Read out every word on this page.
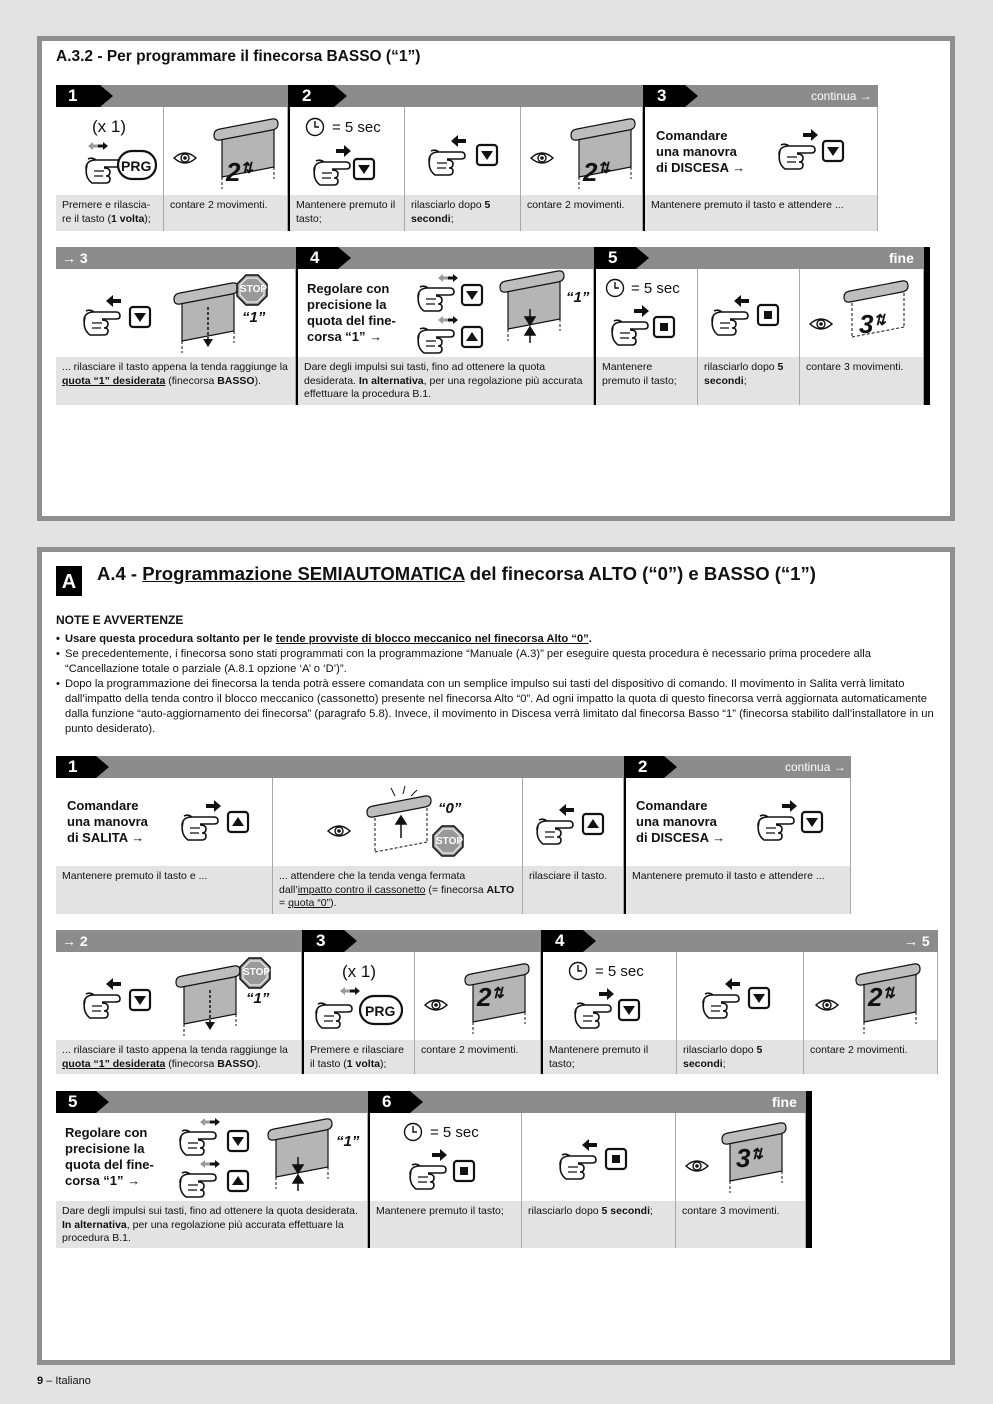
A.3.2 - Per programmare il finecorsa BASSO (“1”)
1	2	3	continua →
(x 1)
PRG	2⇅
= 5 sec
2⇅
Comandare
una manovra
di DISCESA →
Premere e rilascia-re il tasto (1 volta);
contare 2 movimenti.	Mantenere premuto il tasto;
rilasciarlo dopo 5 secondi;
contare 2 movimenti.	Mantenere premuto il tasto e attendere ...
→ 3	4	5	fine
STOP
“1”
Regolare con
precisione la
quota del fine-
corsa “1” →
“1”
= 5 sec
3⇅
... rilasciare il tasto appena la tenda raggiunge la quota “1” desiderata (finecorsa BASSO).
Dare degli impulsi sui tasti, fino ad ottenere la quota desiderata. In alternativa, per una regolazione più accurata effettuare la procedura B.1.
Mantenere premuto il tasto;
rilasciarlo dopo 5 secondi;
contare 3 movimenti.
A	A.4 - Programmazione SEMIAUTOMATICA del finecorsa ALTO (“0”) e BASSO (“1”)
NOTE E AVVERTENZE
• Usare questa procedura soltanto per le tende provviste di blocco meccanico nel finecorsa Alto “0”.
• Se precedentemente, i finecorsa sono stati programmati con la programmazione “Manuale (A.3)” per eseguire questa procedura è necessario prima procedere alla “Cancellazione totale o parziale (A.8.1 opzione ‘A’ o ‘D’)”.
• Dopo la programmazione dei finecorsa la tenda potrà essere comandata con un semplice impulso sui tasti del dispositivo di comando. Il movimento in Salita verrà limitato dall’impatto della tenda contro il blocco meccanico (cassonetto) presente nel finecorsa Alto “0”. Ad ogni impatto la quota di questo finecorsa verrà aggiornata automaticamente dalla funzione “auto-aggiornamento dei finecorsa” (paragrafo 5.8). Invece, il movimento in Discesa verrà limitato dal finecorsa Basso “1” (finecorsa stabilito dall’installatore in un punto desiderato).
1	2	continua →
Comandare
una manovra
di SALITA →
“0”
STOP
Comandare
una manovra
di DISCESA →
Mantenere premuto il tasto e ...	... attendere che la tenda venga fermata dall’impatto contro il cassonetto (= finecorsa ALTO = quota “0”).
rilasciare il tasto.	Mantenere premuto il tasto e attendere ...
→ 2	3	4	→ 5
STOP
“1”
(x 1)
PRG	2⇅
= 5 sec
2⇅
... rilasciare il tasto appena la tenda raggiunge la quota “1” desiderata (finecorsa BASSO).
Premere e rilasciare il tasto (1 volta);
contare 2 movimenti.	Mantenere premuto il tasto;
rilasciarlo dopo 5 secondi;
contare 2 movimenti.
5	6	fine
Regolare con
precisione la
quota del fine-
corsa “1” →
“1”
= 5 sec
3⇅
Dare degli impulsi sui tasti, fino ad ottenere la quota desiderata. In alternativa, per una regolazione più accurata effettuare la procedura B.1.
Mantenere premuto il tasto;	rilasciarlo dopo 5 secondi;	contare 3 movimenti.
9 – Italiano
